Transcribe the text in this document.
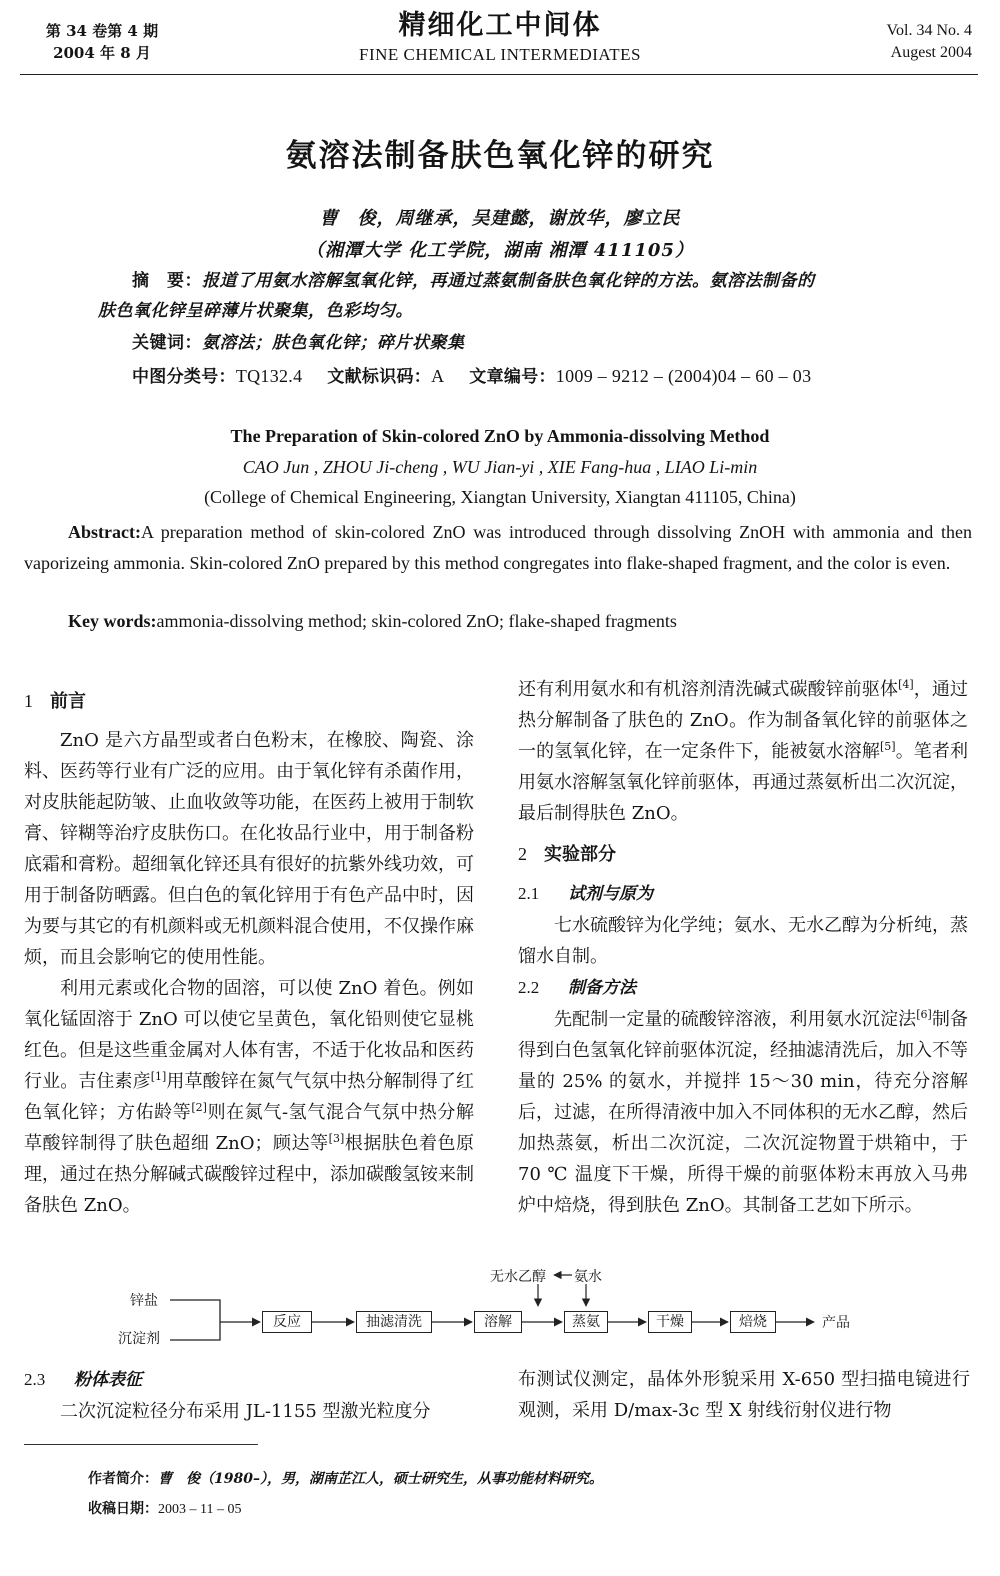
第 34 卷第 4 期
2004 年 8 月
精细化工中间体
FINE CHEMICAL INTERMEDIATES
Vol. 34 No. 4
Augest 2004
氨溶法制备肤色氧化锌的研究
曹　俊，周继承，吴建懿，谢放华，廖立民
（湘潭大学 化工学院，湖南 湘潭 411105）
摘　要：报道了用氨水溶解氢氧化锌，再通过蒸氨制备肤色氧化锌的方法。氨溶法制备的
肤色氧化锌呈碎薄片状聚集，色彩均匀。
关键词：氨溶法；肤色氧化锌；碎片状聚集
中图分类号：TQ132.4 文献标识码：A 文章编号：1009 – 9212 – (2004)04 – 60 – 03
The Preparation of Skin-colored ZnO by Ammonia-dissolving Method
CAO Jun , ZHOU Ji-cheng , WU Jian-yi , XIE Fang-hua , LIAO Li-min
(College of Chemical Engineering, Xiangtan University, Xiangtan 411105, China)
Abstract:A preparation method of skin-colored ZnO was introduced through dissolving ZnOH with ammonia and then vaporizeing ammonia. Skin-colored ZnO prepared by this method congregates into flake-shaped fragment, and the color is even.
Key words:ammonia-dissolving method; skin-colored ZnO; flake-shaped fragments
1 前言
ZnO 是六方晶型或者白色粉末，在橡胶、陶瓷、涂料、医药等行业有广泛的应用。由于氧化锌有杀菌作用，对皮肤能起防皱、止血收敛等功能，在医药上被用于制软膏、锌糊等治疗皮肤伤口。在化妆品行业中，用于制备粉底霜和膏粉。超细氧化锌还具有很好的抗紫外线功效，可用于制备防晒露。但白色的氧化锌用于有色产品中时，因为要与其它的有机颜料或无机颜料混合使用，不仅操作麻烦，而且会影响它的使用性能。
利用元素或化合物的固溶，可以使 ZnO 着色。例如氧化锰固溶于 ZnO 可以使它呈黄色，氧化铅则使它显桃红色。但是这些重金属对人体有害，不适于化妆品和医药行业。吉住素彦[1]用草酸锌在氮气气氛中热分解制得了红色氧化锌；方佑龄等[2]则在氮气-氢气混合气氛中热分解草酸锌制得了肤色超细 ZnO；顾达等[3]根据肤色着色原理，通过在热分解碱式碳酸锌过程中，添加碳酸氢铵来制备肤色 ZnO。
还有利用氨水和有机溶剂清洗碱式碳酸锌前驱体[4]，通过热分解制备了肤色的 ZnO。作为制备氧化锌的前驱体之一的氢氧化锌，在一定条件下，能被氨水溶解[5]。笔者利用氨水溶解氢氧化锌前驱体，再通过蒸氨析出二次沉淀，最后制得肤色 ZnO。
2 实验部分
2.1 试剂与原为
七水硫酸锌为化学纯；氨水、无水乙醇为分析纯，蒸馏水自制。
2.2 制备方法
先配制一定量的硫酸锌溶液，利用氨水沉淀法[6]制备得到白色氢氧化锌前驱体沉淀，经抽滤清洗后，加入不等量的 25% 的氨水，并搅拌 15～30 min，待充分溶解后，过滤，在所得清液中加入不同体积的无水乙醇，然后加热蒸氨，析出二次沉淀，二次沉淀物置于烘箱中，于 70 ℃ 温度下干燥，所得干燥的前驱体粉末再放入马弗炉中焙烧，得到肤色 ZnO。其制备工艺如下所示。
锌盐
沉淀剂
无水乙醇 氨水
反应	抽滤清洗	溶解	蒸氨	干燥	焙烧	产品
2.3 粉体表征
二次沉淀粒径分布采用 JL-1155 型激光粒度分
布测试仪测定，晶体外形貌采用 X-650 型扫描电镜进行观测，采用 D/max-3c 型 X 射线衍射仪进行物
作者简介：曹　俊（1980–），男，湖南芷江人，硕士研究生，从事功能材料研究。
收稿日期：2003 – 11 – 05
